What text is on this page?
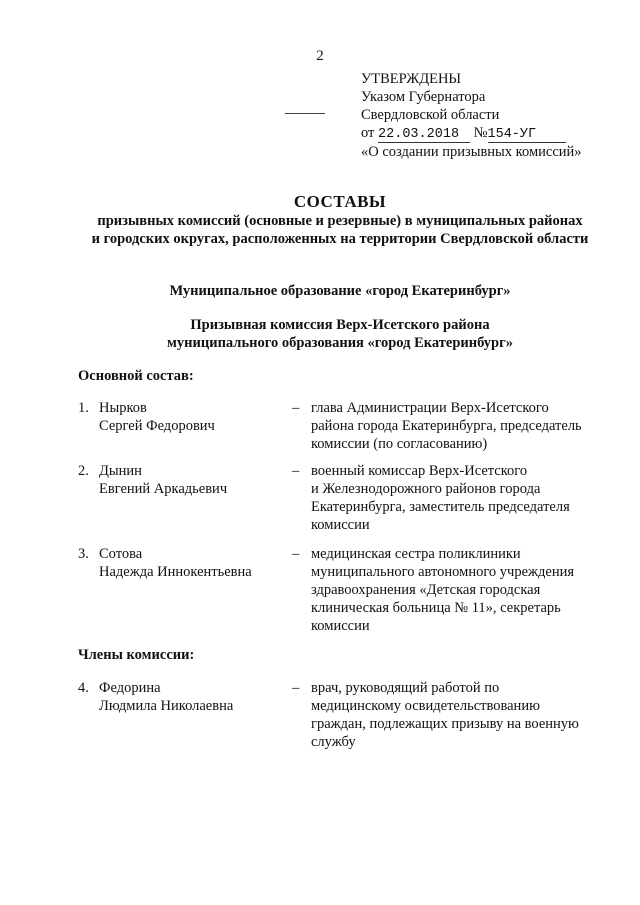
2
УТВЕРЖДЕНЫ
Указом Губернатора
Свердловской области
от 22.03.2018 №154-УГ
«О создании призывных комиссий»
СОСТАВЫ
призывных комиссий (основные и резервные) в муниципальных районах
и городских округах, расположенных на территории Свердловской области
Муниципальное образование «город Екатеринбург»
Призывная комиссия Верх-Исетского района
муниципального образования «город Екатеринбург»
Основной состав:
1. Нырков
Сергей Федорович
– глава Администрации Верх-Исетского
района города Екатеринбурга, председатель
комиссии (по согласованию)
2. Дынин
Евгений Аркадьевич
– военный комиссар Верх-Исетского
и Железнодорожного районов города
Екатеринбурга, заместитель председателя
комиссии
3. Сотова
Надежда Иннокентьевна
– медицинская сестра поликлиники
муниципального автономного учреждения
здравоохранения «Детская городская
клиническая больница № 11», секретарь
комиссии
Члены комиссии:
4. Федорина
Людмила Николаевна
– врач, руководящий работой по
медицинскому освидетельствованию
граждан, подлежащих призыву на военную
службу
